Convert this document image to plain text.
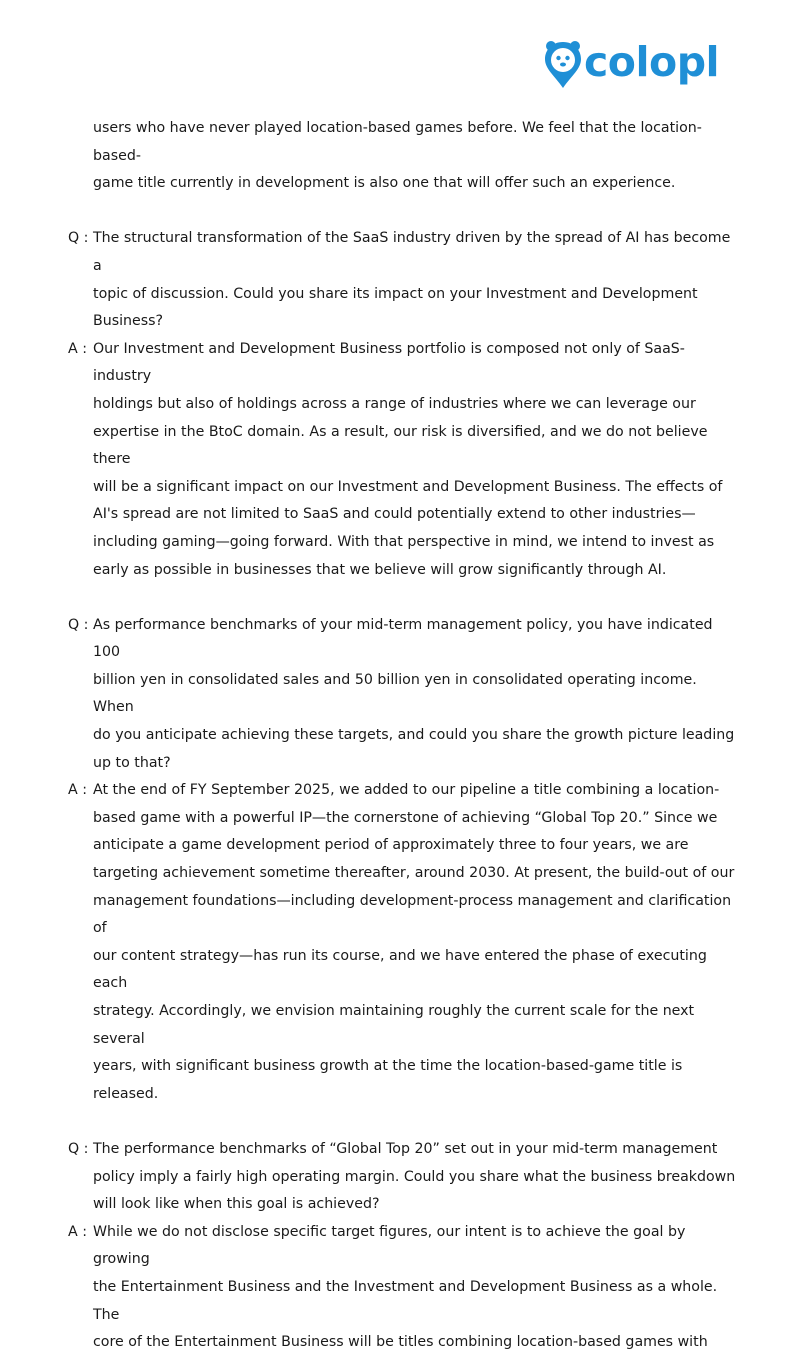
colopl

users who have never played location-based games before. We feel that the location-based-
game title currently in development is also one that will offer such an experience.

Q : The structural transformation of the SaaS industry driven by the spread of AI has become a
topic of discussion. Could you share its impact on your Investment and Development
Business?

A : Our Investment and Development Business portfolio is composed not only of SaaS-industry
holdings but also of holdings across a range of industries where we can leverage our
expertise in the BtoC domain. As a result, our risk is diversified, and we do not believe there
will be a significant impact on our Investment and Development Business. The effects of
AI's spread are not limited to SaaS and could potentially extend to other industries—
including gaming—going forward. With that perspective in mind, we intend to invest as
early as possible in businesses that we believe will grow significantly through AI.

Q : As performance benchmarks of your mid-term management policy, you have indicated 100
billion yen in consolidated sales and 50 billion yen in consolidated operating income. When
do you anticipate achieving these targets, and could you share the growth picture leading
up to that?

A : At the end of FY September 2025, we added to our pipeline a title combining a location-
based game with a powerful IP—the cornerstone of achieving “Global Top 20.” Since we
anticipate a game development period of approximately three to four years, we are
targeting achievement sometime thereafter, around 2030. At present, the build-out of our
management foundations—including development-process management and clarification of
our content strategy—has run its course, and we have entered the phase of executing each
strategy. Accordingly, we envision maintaining roughly the current scale for the next several
years, with significant business growth at the time the location-based-game title is
released.

Q : The performance benchmarks of “Global Top 20” set out in your mid-term management
policy imply a fairly high operating margin. Could you share what the business breakdown
will look like when this goal is achieved?

A : While we do not disclose specific target figures, our intent is to achieve the goal by growing
the Entertainment Business and the Investment and Development Business as a whole. The
core of the Entertainment Business will be titles combining location-based games with
